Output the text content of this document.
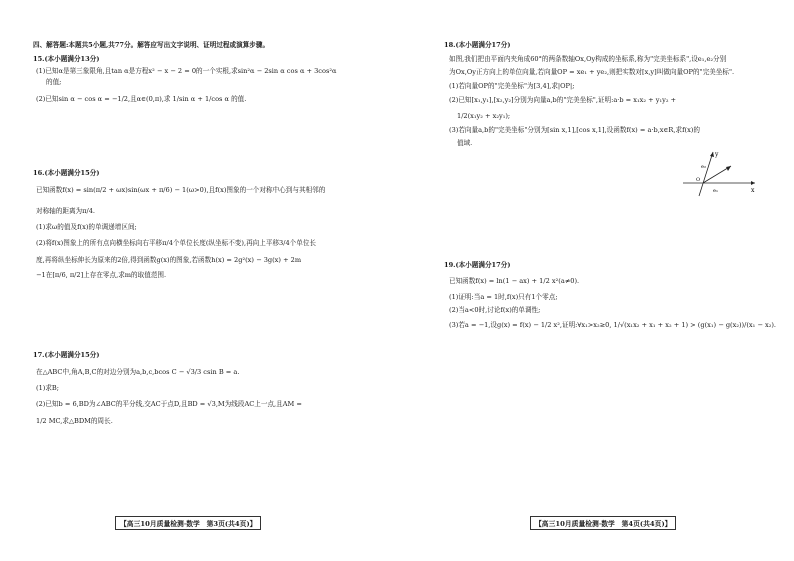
四、解答题:本题共5小题,共77分。解答应写出文字说明、证明过程或演算步骤。
15.(本小题满分13分)
(1)已知α是第三象限角,且tan α是方程x² − x − 2 = 0的一个实根,求sin²α − 2sin α cos α + 3cos²α
的值;
(2)已知sin α − cos α = −1/2,且α∈(0,π),求 1/sin α + 1/cos α 的值.
16.(本小题满分15分)
已知函数f(x) = sin(π/2 + ωx)sin(ωx + π/6) − 1(ω>0),且f(x)图象的一个对称中心到与其相邻的
对称轴的距离为π/4.
(1)求ω的值及f(x)的单调递增区间;
(2)将f(x)图象上的所有点向横坐标向右平移π/4个单位长度(纵坐标不变),再向上平移3/4个单位长
度,再将纵坐标伸长为原来的2倍,得到函数g(x)的图象,若函数h(x) = 2g²(x) − 3g(x) + 2m
−1在[π/6, π/2]上存在零点,求m的取值范围.
17.(本小题满分15分)
在△ABC中,角A,B,C的对边分别为a,b,c,bcos C − √3/3 csin B = a.
(1)求B;
(2)已知b = 6,BD为∠ABC的平分线,交AC于点D,且BD = √3,M为线段AC上一点,且AM =
1/2 MC,求△BDM的周长.
【高三10月质量检测·数学　第3页(共4页)】
18.(本小题满分17分)
如图,我们把由平面内夹角成60°的两条数轴Ox,Oy构成的坐标系,称为"完美坐标系",设e₁,e₂分别
为Ox,Oy正方向上的单位向量,若向量OP = xe₁ + ye₂,则把实数对[x,y]叫做向量OP的"完美坐标".
(1)若向量OP的"完美坐标"为[3,4],求|OP|;
(2)已知[x₁,y₁],[x₂,y₂]分别为向量a,b的"完美坐标",证明:a·b = x₁x₂ + y₁y₂ +
1/2(x₁y₂ + x₂y₁);
(3)若向量a,b的"完美坐标"分别为[sin x,1],[cos x,1],设函数f(x) = a·b,x∈R,求f(x)的
值域.
x
y
O
e₁
e₂
19.(本小题满分17分)
已知函数f(x) = ln(1 − ax) + 1/2 x²(a≠0).
(1)证明:当a = 1时,f(x)只有1个零点;
(2)当a<0时,讨论f(x)的单调性;
(3)若a = −1,设g(x) = f(x) − 1/2 x²,证明:∀x₁>x₂≥0, 1/√(x₁x₂ + x₁ + x₂ + 1) > (g(x₁) − g(x₂))/(x₁ − x₂).
【高三10月质量检测·数学　第4页(共4页)】
